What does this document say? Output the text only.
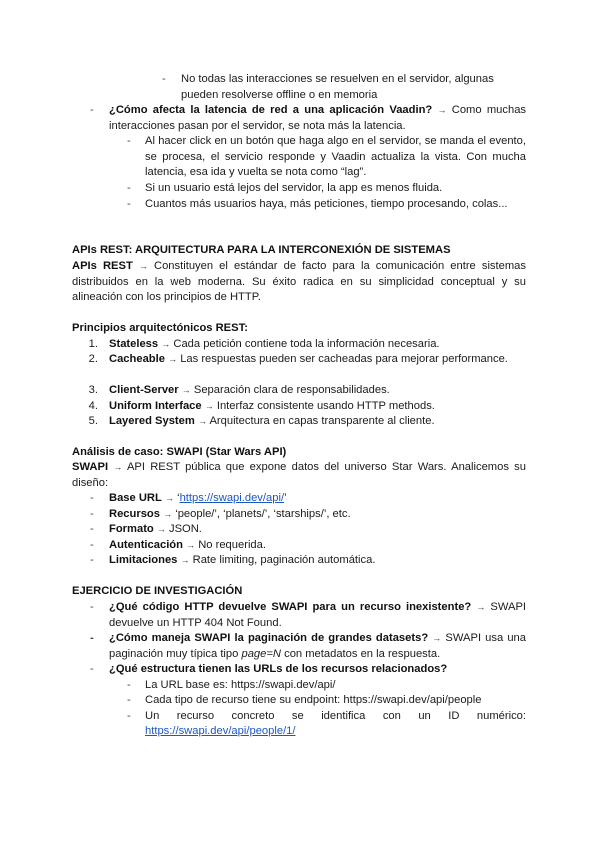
-	No todas las interacciones se resuelven en el servidor, algunas pueden resolverse offline o en memoria
-	¿Cómo afecta la latencia de red a una aplicación Vaadin? → Como muchas interacciones pasan por el servidor, se nota más la latencia.
-	Al hacer click en un botón que haga algo en el servidor, se manda el evento, se procesa, el servicio responde y Vaadin actualiza la vista. Con mucha latencia, esa ida y vuelta se nota como “lag”.
-	Si un usuario está lejos del servidor, la app es menos fluida.
-	Cuantos más usuarios haya, más peticiones, tiempo procesando, colas...
APIs REST: ARQUITECTURA PARA LA INTERCONEXIÓN DE SISTEMAS
APIs REST → Constituyen el estándar de facto para la comunicación entre sistemas distribuidos en la web moderna. Su éxito radica en su simplicidad conceptual y su alineación con los principios de HTTP.
Principios arquitectónicos REST:
1. Stateless → Cada petición contiene toda la información necesaria.
2. Cacheable → Las respuestas pueden ser cacheadas para mejorar performance.
3. Client-Server → Separación clara de responsabilidades.
4. Uniform Interface → Interfaz consistente usando HTTP methods.
5. Layered System → Arquitectura en capas transparente al cliente.
Análisis de caso: SWAPI (Star Wars API)
SWAPI → API REST pública que expone datos del universo Star Wars. Analicemos su diseño:
-	Base URL → ‘https://swapi.dev/api/’
-	Recursos → ‘people/’, ‘planets/’, ‘starships/’, etc.
-	Formato → JSON.
-	Autenticación → No requerida.
-	Limitaciones → Rate limiting, paginación automática.
EJERCICIO DE INVESTIGACIÓN
-	¿Qué código HTTP devuelve SWAPI para un recurso inexistente? → SWAPI devuelve un HTTP 404 Not Found.
-	¿Cómo maneja SWAPI la paginación de grandes datasets? → SWAPI usa una paginación muy típica tipo page=N con metadatos en la respuesta.
-	¿Qué estructura tienen las URLs de los recursos relacionados?
-	La URL base es: https://swapi.dev/api/
-	Cada tipo de recurso tiene su endpoint: https://swapi.dev/api/people
-	Un recurso concreto se identifica con un ID numérico:
https://swapi.dev/api/people/1/
